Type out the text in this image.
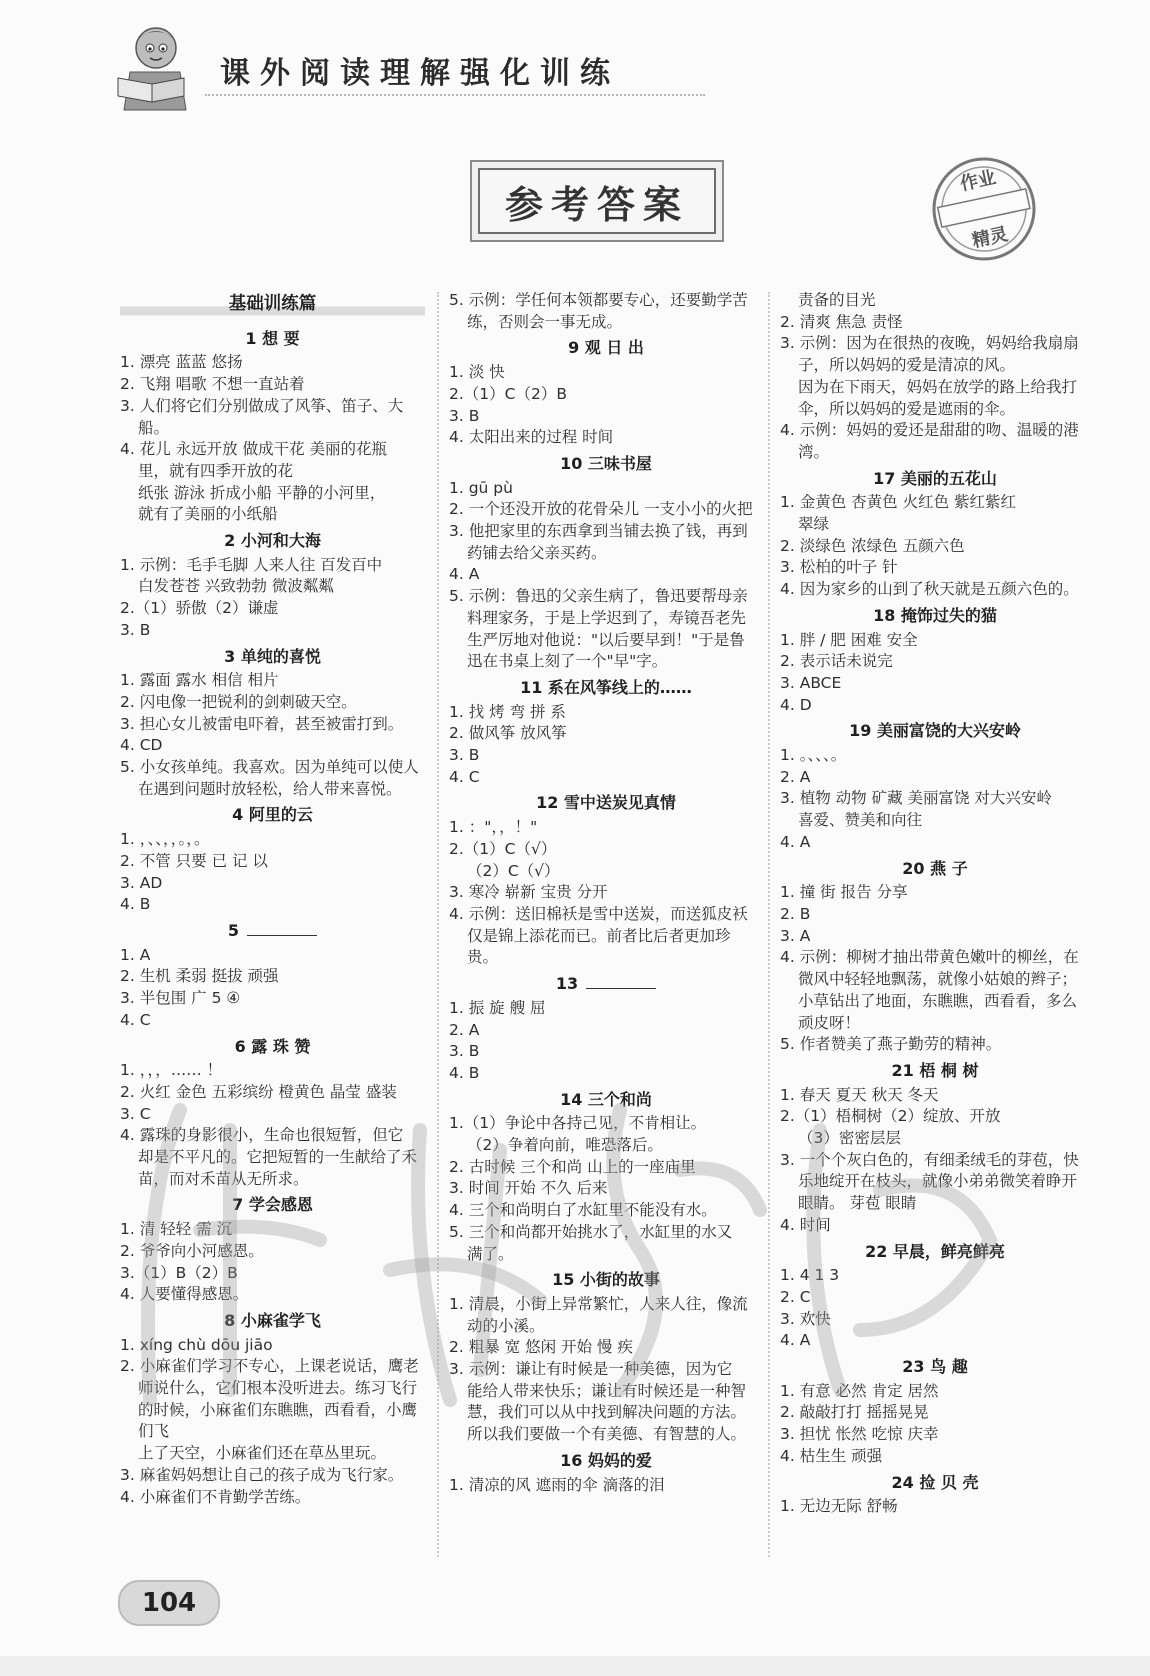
课外阅读理解强化训练
参考答案
作业
精灵
基础训练篇
1 想 要
1. 漂亮 蓝蓝 悠扬
2. 飞翔 唱歌 不想一直站着
3. 人们将它们分别做成了风筝、笛子、大
船。
4. 花儿 永远开放 做成干花 美丽的花瓶
里，就有四季开放的花
纸张 游泳 折成小船 平静的小河里，
就有了美丽的小纸船
2 小河和大海
1. 示例：毛手毛脚 人来人往 百发百中
白发苍苍 兴致勃勃 微波粼粼
2.（1）骄傲（2）谦虚
3. B
3 单纯的喜悦
1. 露面 露水 相信 相片
2. 闪电像一把锐利的剑刺破天空。
3. 担心女儿被雷电吓着，甚至被雷打到。
4. CD
5. 小女孩单纯。我喜欢。因为单纯可以使人
在遇到问题时放轻松，给人带来喜悦。
4 阿里的云
1. ，、、，，。，。
2. 不管 只要 已 记 以
3. AD
4. B
5
1. A
2. 生机 柔弱 挺拔 顽强
3. 半包围 广 5 ④
4. C
6 露 珠 赞
1. ，，，…… ！
2. 火红 金色 五彩缤纷 橙黄色 晶莹 盛装
3. C
4. 露珠的身影很小，生命也很短暂，但它
却是不平凡的。它把短暂的一生献给了禾
苗，而对禾苗从无所求。
7 学会感恩
1. 清 轻轻 需 沉
2. 爷爷向小河感恩。
3.（1）B（2）B
4. 人要懂得感恩。
8 小麻雀学飞
1. xíng chù dōu jiāo
2. 小麻雀们学习不专心，上课老说话，鹰老
师说什么，它们根本没听进去。练习飞行
的时候，小麻雀们东瞧瞧，西看看，小鹰们飞
上了天空，小麻雀们还在草丛里玩。
3. 麻雀妈妈想让自己的孩子成为飞行家。
4. 小麻雀们不肯勤学苦练。
5. 示例：学任何本领都要专心，还要勤学苦
练，否则会一事无成。
9 观 日 出
1. 淡 快
2.（1）C（2）B
3. B
4. 太阳出来的过程 时间
10 三味书屋
1. gū pù
2. 一个还没开放的花骨朵儿 一支小小的火把
3. 他把家里的东西拿到当铺去换了钱，再到
药铺去给父亲买药。
4. A
5. 示例：鲁迅的父亲生病了，鲁迅要帮母亲
料理家务，于是上学迟到了，寿镜吾老先
生严厉地对他说："以后要早到！"于是鲁
迅在书桌上刻了一个"早"字。
11 系在风筝线上的……
1. 找 烤 弯 拼 系
2. 做风筝 放风筝
3. B
4. C
12 雪中送炭见真情
1. ："，，！"
2.（1）C（√）
（2）C（√）
3. 寒冷 崭新 宝贵 分开
4. 示例：送旧棉袄是雪中送炭，而送狐皮袄
仅是锦上添花而已。前者比后者更加珍
贵。
13
1. 振 旋 艘 屈
2. A
3. B
4. B
14 三个和尚
1.（1）争论中各持己见，不肯相让。
（2）争着向前，唯恐落后。
2. 古时候 三个和尚 山上的一座庙里
3. 时间 开始 不久 后来
4. 三个和尚明白了水缸里不能没有水。
5. 三个和尚都开始挑水了，水缸里的水又
满了。
15 小街的故事
1. 清晨，小街上异常繁忙，人来人往，像流
动的小溪。
2. 粗暴 宽 悠闲 开始 慢 疾
3. 示例：谦让有时候是一种美德，因为它
能给人带来快乐；谦让有时候还是一种智
慧，我们可以从中找到解决问题的方法。
所以我们要做一个有美德、有智慧的人。
16 妈妈的爱
1. 清凉的风 遮雨的伞 滴落的泪
责备的目光
2. 清爽 焦急 责怪
3. 示例：因为在很热的夜晚，妈妈给我扇扇
子，所以妈妈的爱是清凉的风。
因为在下雨天，妈妈在放学的路上给我打
伞，所以妈妈的爱是遮雨的伞。
4. 示例：妈妈的爱还是甜甜的吻、温暖的港
湾。
17 美丽的五花山
1. 金黄色 杏黄色 火红色 紫红紫红
翠绿
2. 淡绿色 浓绿色 五颜六色
3. 松柏的叶子 针
4. 因为家乡的山到了秋天就是五颜六色的。
18 掩饰过失的猫
1. 胖 / 肥 困难 安全
2. 表示话未说完
3. ABCE
4. D
19 美丽富饶的大兴安岭
1. 。、、、。
2. A
3. 植物 动物 矿藏 美丽富饶 对大兴安岭
喜爱、赞美和向往
4. A
20 燕 子
1. 撞 街 报告 分享
2. B
3. A
4. 示例：柳树才抽出带黄色嫩叶的柳丝，在
微风中轻轻地飘荡，就像小姑娘的辫子；
小草钻出了地面，东瞧瞧，西看看，多么
顽皮呀！
5. 作者赞美了燕子勤劳的精神。
21 梧 桐 树
1. 春天 夏天 秋天 冬天
2.（1）梧桐树（2）绽放、开放
（3）密密层层
3. 一个个灰白色的，有细柔绒毛的芽苞，快
乐地绽开在枝头，就像小弟弟微笑着睁开
眼睛。 芽苞 眼睛
4. 时间
22 早晨，鲜亮鲜亮
1. 4 1 3
2. C
3. 欢快
4. A
23 鸟 趣
1. 有意 必然 肯定 居然
2. 敲敲打打 摇摇晃晃
3. 担忧 怅然 吃惊 庆幸
4. 枯生生 顽强
24 捡 贝 壳
1. 无边无际 舒畅
104
